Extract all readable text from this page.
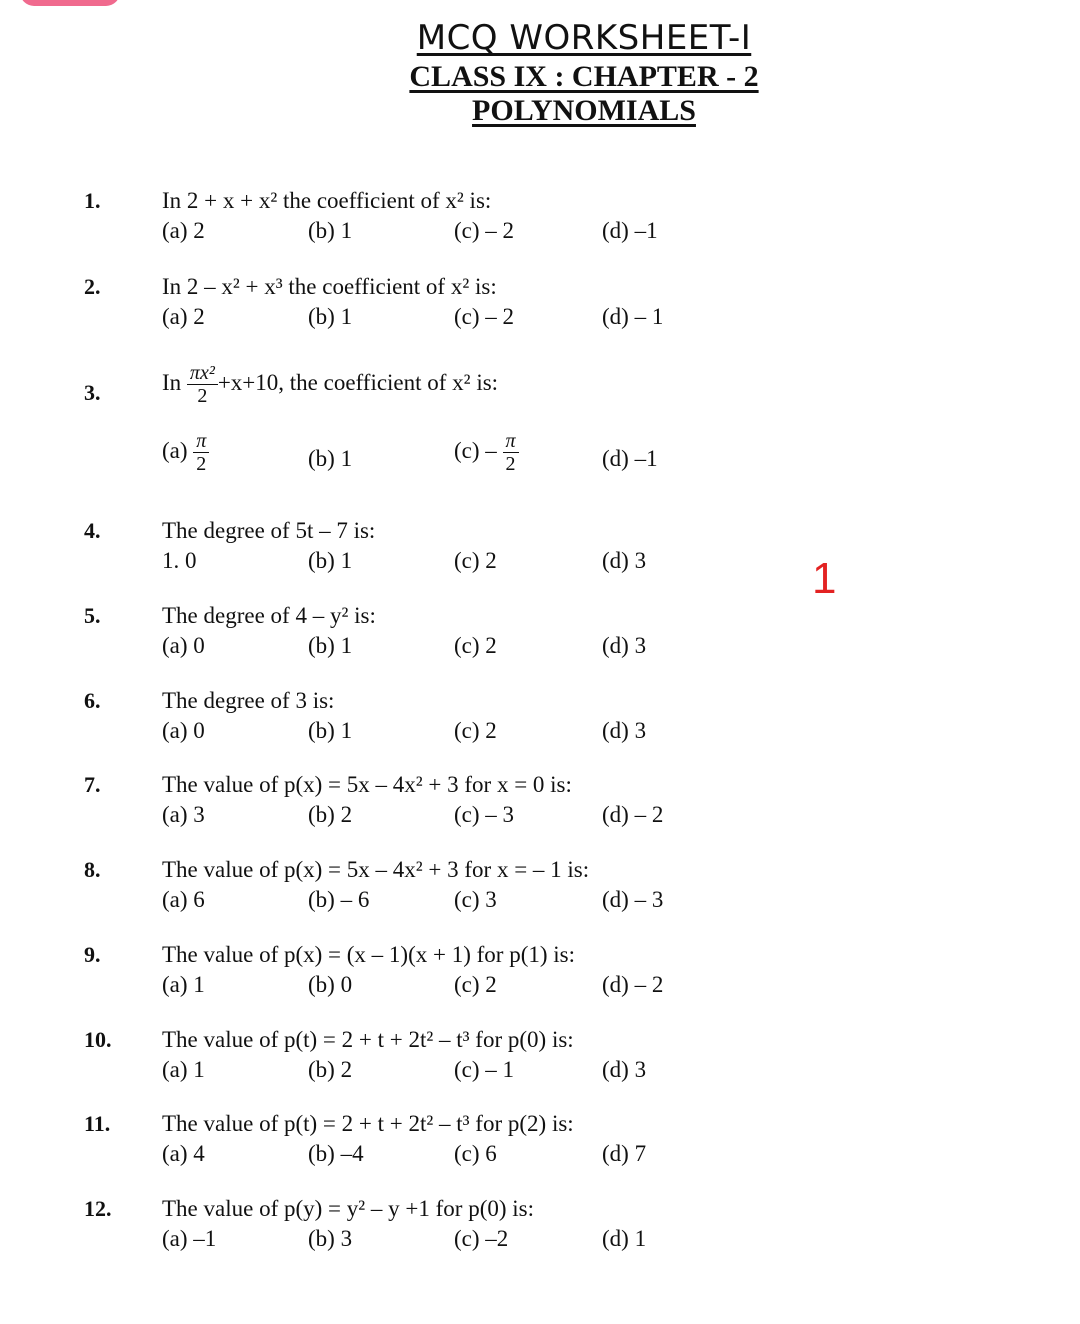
MCQ WORKSHEET-I
CLASS IX : CHAPTER - 2
POLYNOMIALS
1
1.	In 2 + x + x² the coefficient of x² is:
(a) 2	(b) 1	(c) – 2	(d) –1
2.	In 2 – x² + x³ the coefficient of x² is:
(a) 2	(b) 1	(c) – 2	(d) – 1
3.	In $\frac{\text{πx²}}{2} +x+10$, the coefficient of x² is:
$(a) \frac{\pi}{2}$	(b) 1	$(c) - \frac{\pi}{2}$	(d) –1
4.	The degree of 5t – 7 is:
1. 0	(b) 1	(c) 2	(d) 3
5.	The degree of 4 – y² is:
(a) 0	(b) 1	(c) 2	(d) 3
6.	The degree of 3 is:
(a) 0	(b) 1	(c) 2	(d) 3
7.	The value of p(x) = 5x – 4x² + 3 for x = 0 is:
(a) 3	(b) 2	(c) – 3	(d) – 2
8.	The value of p(x) = 5x – 4x² + 3 for x = – 1 is:
(a) 6	(b) – 6	(c) 3	(d) – 3
9.	The value of p(x) = (x – 1)(x + 1) for p(1) is:
(a) 1	(b) 0	(c) 2	(d) – 2
10. The value of p(t) = 2 + t + 2t² – t³ for p(0) is:
(a) 1	(b) 2	(c) – 1	(d) 3
11. The value of p(t) = 2 + t + 2t² – t³ for p(2) is:
(a) 4	(b) –4	(c) 6	(d) 7
12. The value of p(y) = y² – y +1 for p(0) is:
(a) –1	(b) 3	(c) –2	(d) 1
